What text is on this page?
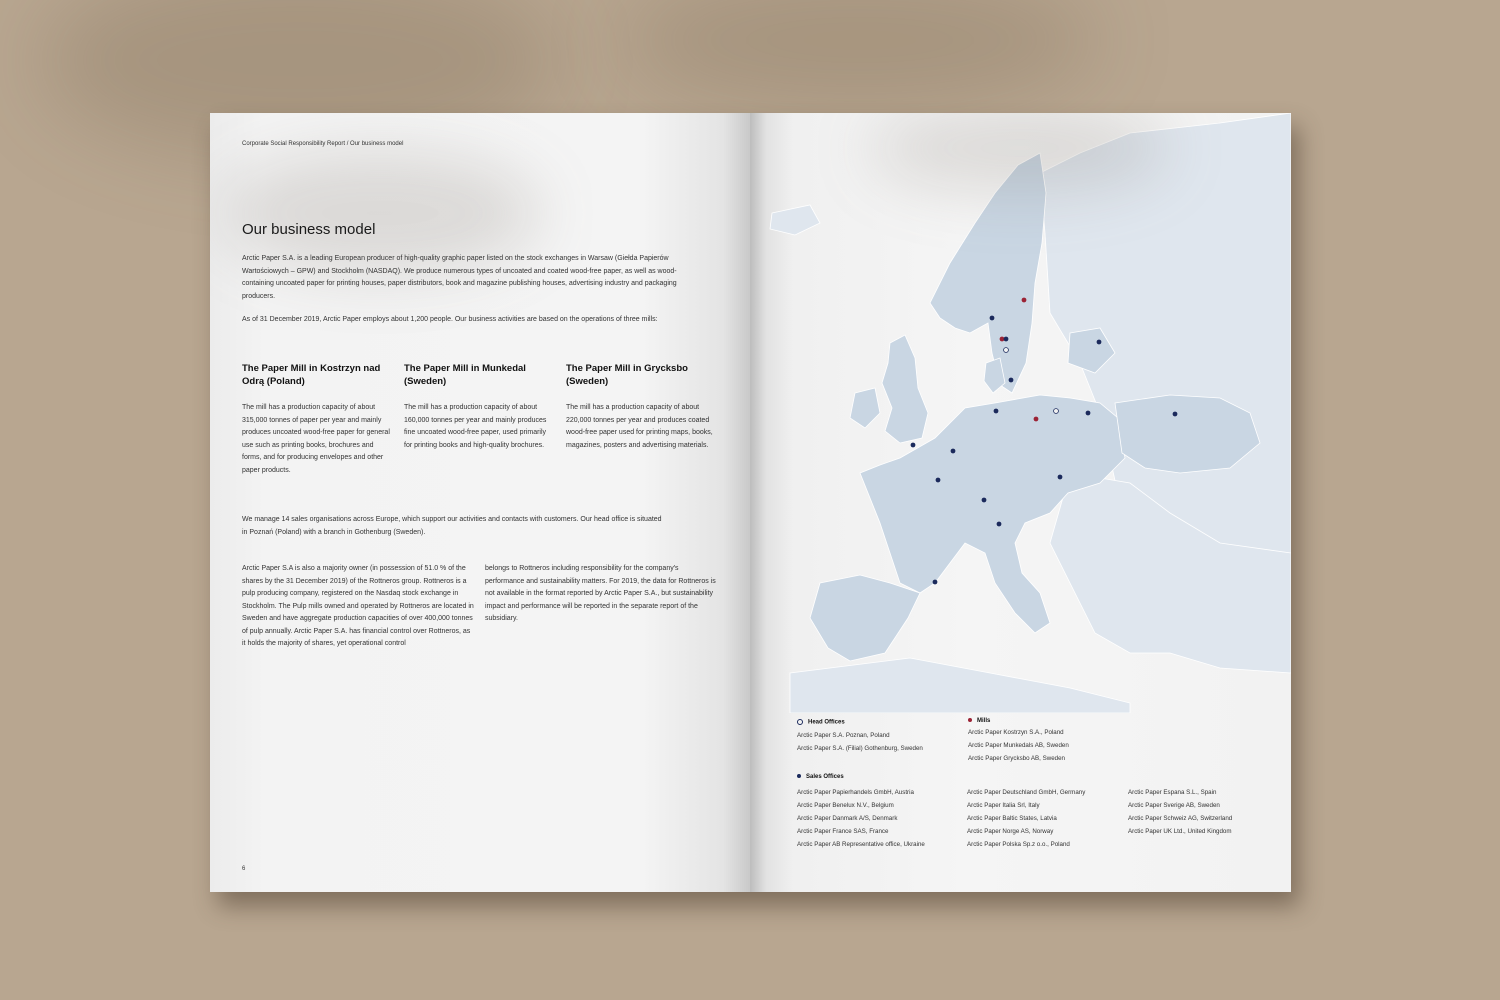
Corporate Social Responsibility Report / Our business model
Our business model

Arctic Paper S.A. is a leading European producer of high-quality graphic paper listed on the stock exchanges in Warsaw (Giełda Papierów Wartościowych – GPW) and Stockholm (NASDAQ). We produce numerous types of uncoated and coated wood-free paper, as well as wood-containing uncoated paper for printing houses, paper distributors, book and magazine publishing houses, advertising industry and packaging producers.

As of 31 December 2019, Arctic Paper employs about 1,200 people. Our business activities are based on the operations of three mills:

The Paper Mill in Kostrzyn nad Odrą (Poland)

The mill has a production capacity of about 315,000 tonnes of paper per year and mainly produces uncoated wood-free paper for general use such as printing books, brochures and forms, and for producing envelopes and other paper products.

The Paper Mill in Munkedal (Sweden)

The mill has a production capacity of about 160,000 tonnes per year and mainly produces fine uncoated wood-free paper, used primarily for printing books and high-quality brochures.

The Paper Mill in Grycksbo (Sweden)

The mill has a production capacity of about 220,000 tonnes per year and produces coated wood-free paper used for printing maps, books, magazines, posters and advertising materials.

We manage 14 sales organisations across Europe, which support our activities and contacts with customers. Our head office is situated in Poznań (Poland) with a branch in Gothenburg (Sweden).

Arctic Paper S.A is also a majority owner (in possession of 51.0 % of the shares by the 31 December 2019) of the Rottneros group. Rottneros is a pulp producing company, registered on the Nasdaq stock exchange in Stockholm. The Pulp mills owned and operated by Rottneros are located in Sweden and have aggregate production capacities of over 400,000 tonnes of pulp annually. Arctic Paper S.A. has financial control over Rottneros, as it holds the majority of shares, yet operational control

belongs to Rottneros including responsibility for the company's performance and sustainability matters. For 2019, the data for Rottneros is not available in the format reported by Arctic Paper S.A., but sustainability impact and performance will be reported in the separate report of the subsidiary.

6
Head Offices
Arctic Paper S.A. Poznan, Poland
Arctic Paper S.A. (Filial) Gothenburg, Sweden
Mills
Arctic Paper Kostrzyn S.A., Poland
Arctic Paper Munkedals AB, Sweden
Arctic Paper Grycksbo AB, Sweden
Sales Offices
Arctic Paper Papierhandels GmbH, Austria
Arctic Paper Benelux N.V., Belgium
Arctic Paper Danmark A/S, Denmark
Arctic Paper France SAS, France
Arctic Paper AB Representative office, Ukraine
Arctic Paper Deutschland GmbH, Germany
Arctic Paper Italia Srl, Italy
Arctic Paper Baltic States, Latvia
Arctic Paper Norge AS, Norway
Arctic Paper Polska Sp.z o.o., Poland
Arctic Paper Espana S.L., Spain
Arctic Paper Sverige AB, Sweden
Arctic Paper Schweiz AG, Switzerland
Arctic Paper UK Ltd., United Kingdom
